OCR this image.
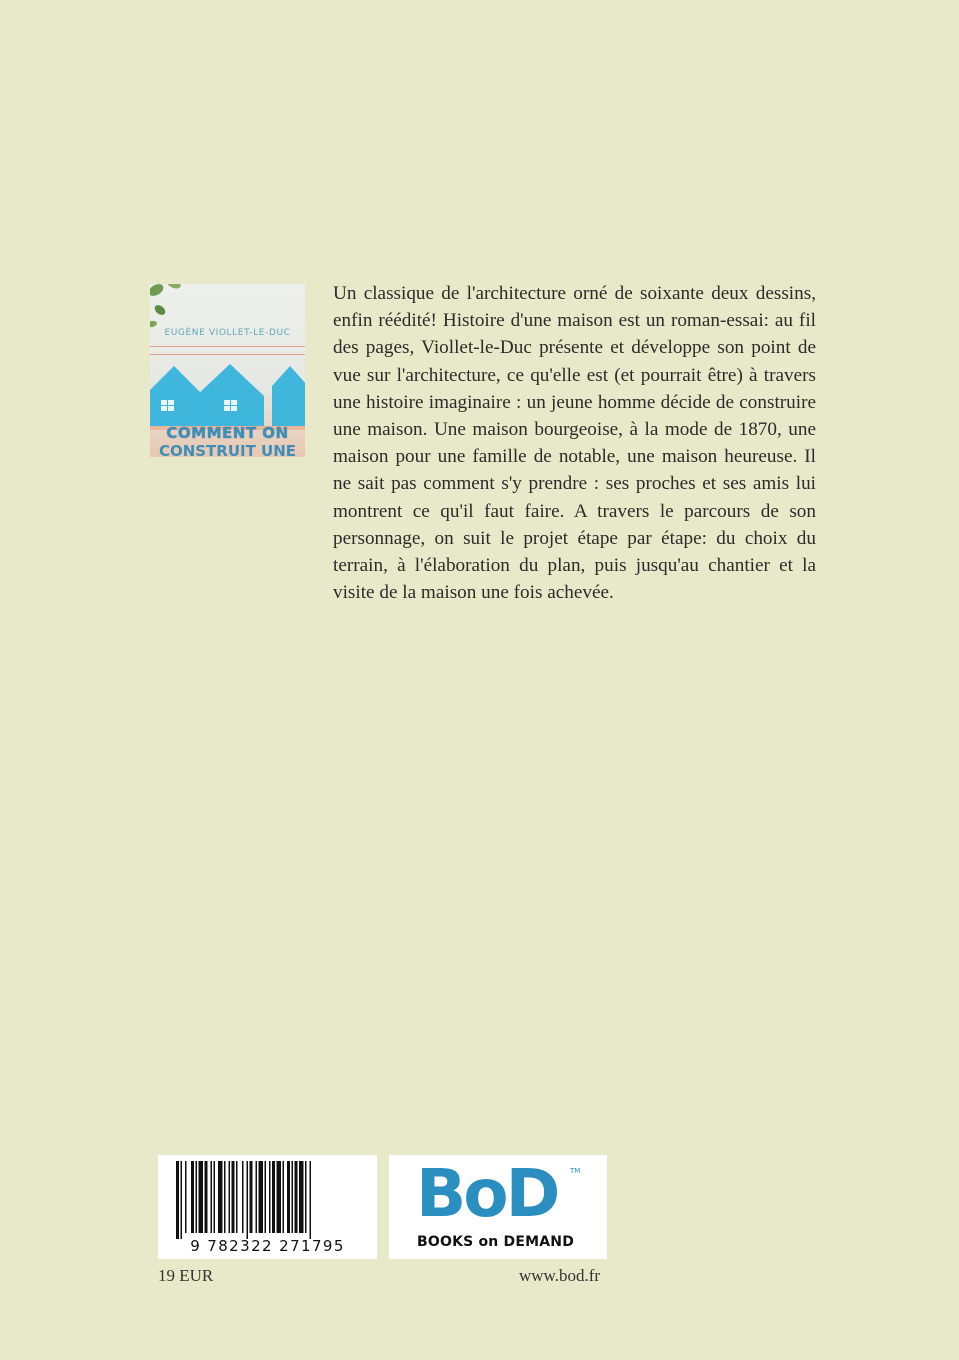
EUGÈNE VIOLLET-LE-DUC
COMMENT ON
CONSTRUIT UNE

Un classique de l'architecture orné de soixante deux dessins, enfin réédité! Histoire d'une maison est un roman-essai: au fil des pages, Viollet-le-Duc présente et développe son point de vue sur l'architecture, ce qu'elle est (et pourrait être) à travers une histoire imaginaire : un jeune homme décide de construire une maison. Une maison bourgeoise, à la mode de 1870, une maison pour une famille de notable, une maison heureuse. Il ne sait pas comment s'y prendre : ses proches et ses amis lui montrent ce qu'il faut faire. A travers le parcours de son personnage, on suit le projet étape par étape: du choix du terrain, à l'élaboration du plan, puis jusqu'au chantier et la visite de la maison une fois achevée.

9 782322 271795
BoD TM
BOOKS on DEMAND
19 EUR	www.bod.fr
